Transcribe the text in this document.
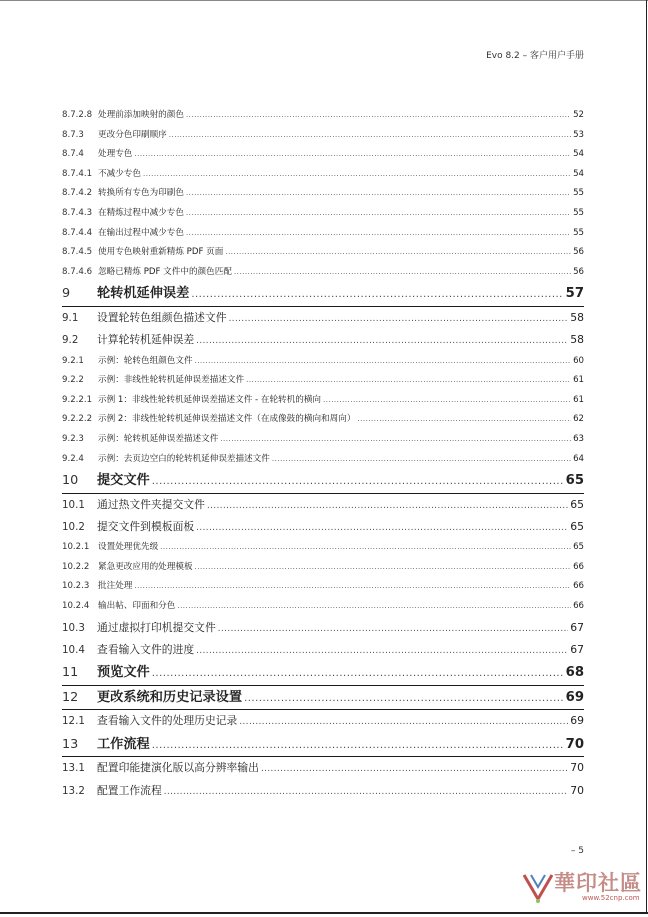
Evo 8.2 – 客户用户手册
8.7.2.8 处理前添加映射的颜色 .....	52
8.7.3	更改分色印刷顺序 .....	53
8.7.4	处理专色 .....	54
8.7.4.1 不减少专色 .....	54
8.7.4.2 转换所有专色为印刷色 .....	55
8.7.4.3 在精炼过程中减少专色 .....	55
8.7.4.4 在输出过程中减少专色 .....	55
8.7.4.5 使用专色映射重新精炼 PDF 页面 .....	56
8.7.4.6 忽略已精炼 PDF 文件中的颜色匹配 .....	56
9	轮转机延伸误差 .....	57
9.1	设置轮转色组颜色描述文件 .....	58
9.2	计算轮转机延伸误差 .....	58
9.2.1	示例：轮转色组颜色文件 .....	60
9.2.2	示例：非线性轮转机延伸误差描述文件 .....	61
9.2.2.1 示例 1：非线性轮转机延伸误差描述文件 - 在轮转机的横向 .....	61
9.2.2.2 示例 2：非线性轮转机延伸误差描述文件（在成像鼓的横向和周向） .....	62
9.2.3	示例：轮转机延伸误差描述文件 .....	63
9.2.4	示例：去页边空白的轮转机延伸误差描述文件 .....	64
10	提交文件 .....	65
10.1	通过热文件夹提交文件 .....	65
10.2	提交文件到模板面板 .....	65
10.2.1	设置处理优先级 .....	65
10.2.2	紧急更改应用的处理模板 .....	66
10.2.3	批注处理 .....	66
10.2.4	输出帖、印面和分色 .....	66
10.3	通过虚拟打印机提交文件 .....	67
10.4	查看输入文件的进度 .....	67
11	预览文件 .....	68
12	更改系统和历史记录设置 .....	69
12.1	查看输入文件的处理历史记录 .....	69
13	工作流程 .....	70
13.1	配置印能捷演化版以高分辨率输出 .....	70
13.2	配置工作流程 .....	70
– 5
華印社區
www.52cnp.com
